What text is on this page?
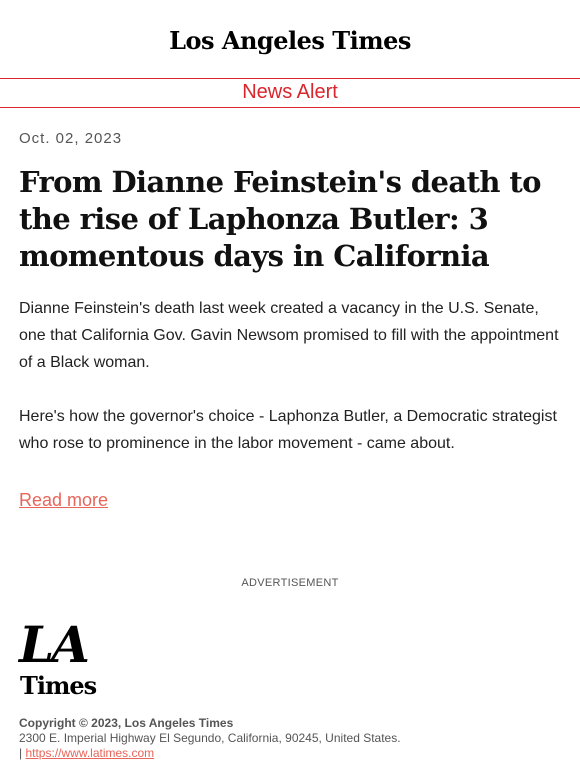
Los Angeles Times
News Alert
Oct. 02, 2023
From Dianne Feinstein's death to the rise of Laphonza Butler: 3 momentous days in California

Dianne Feinstein's death last week created a vacancy in the U.S. Senate, one that California Gov. Gavin Newsom promised to fill with the appointment of a Black woman.

Here's how the governor's choice - Laphonza Butler, a Democratic strategist who rose to prominence in the labor movement - came about.

Read more
ADVERTISEMENT
LA
Times
Copyright © 2023, Los Angeles Times
2300 E. Imperial Highway El Segundo, California, 90245, United States.
| https://www.latimes.com
